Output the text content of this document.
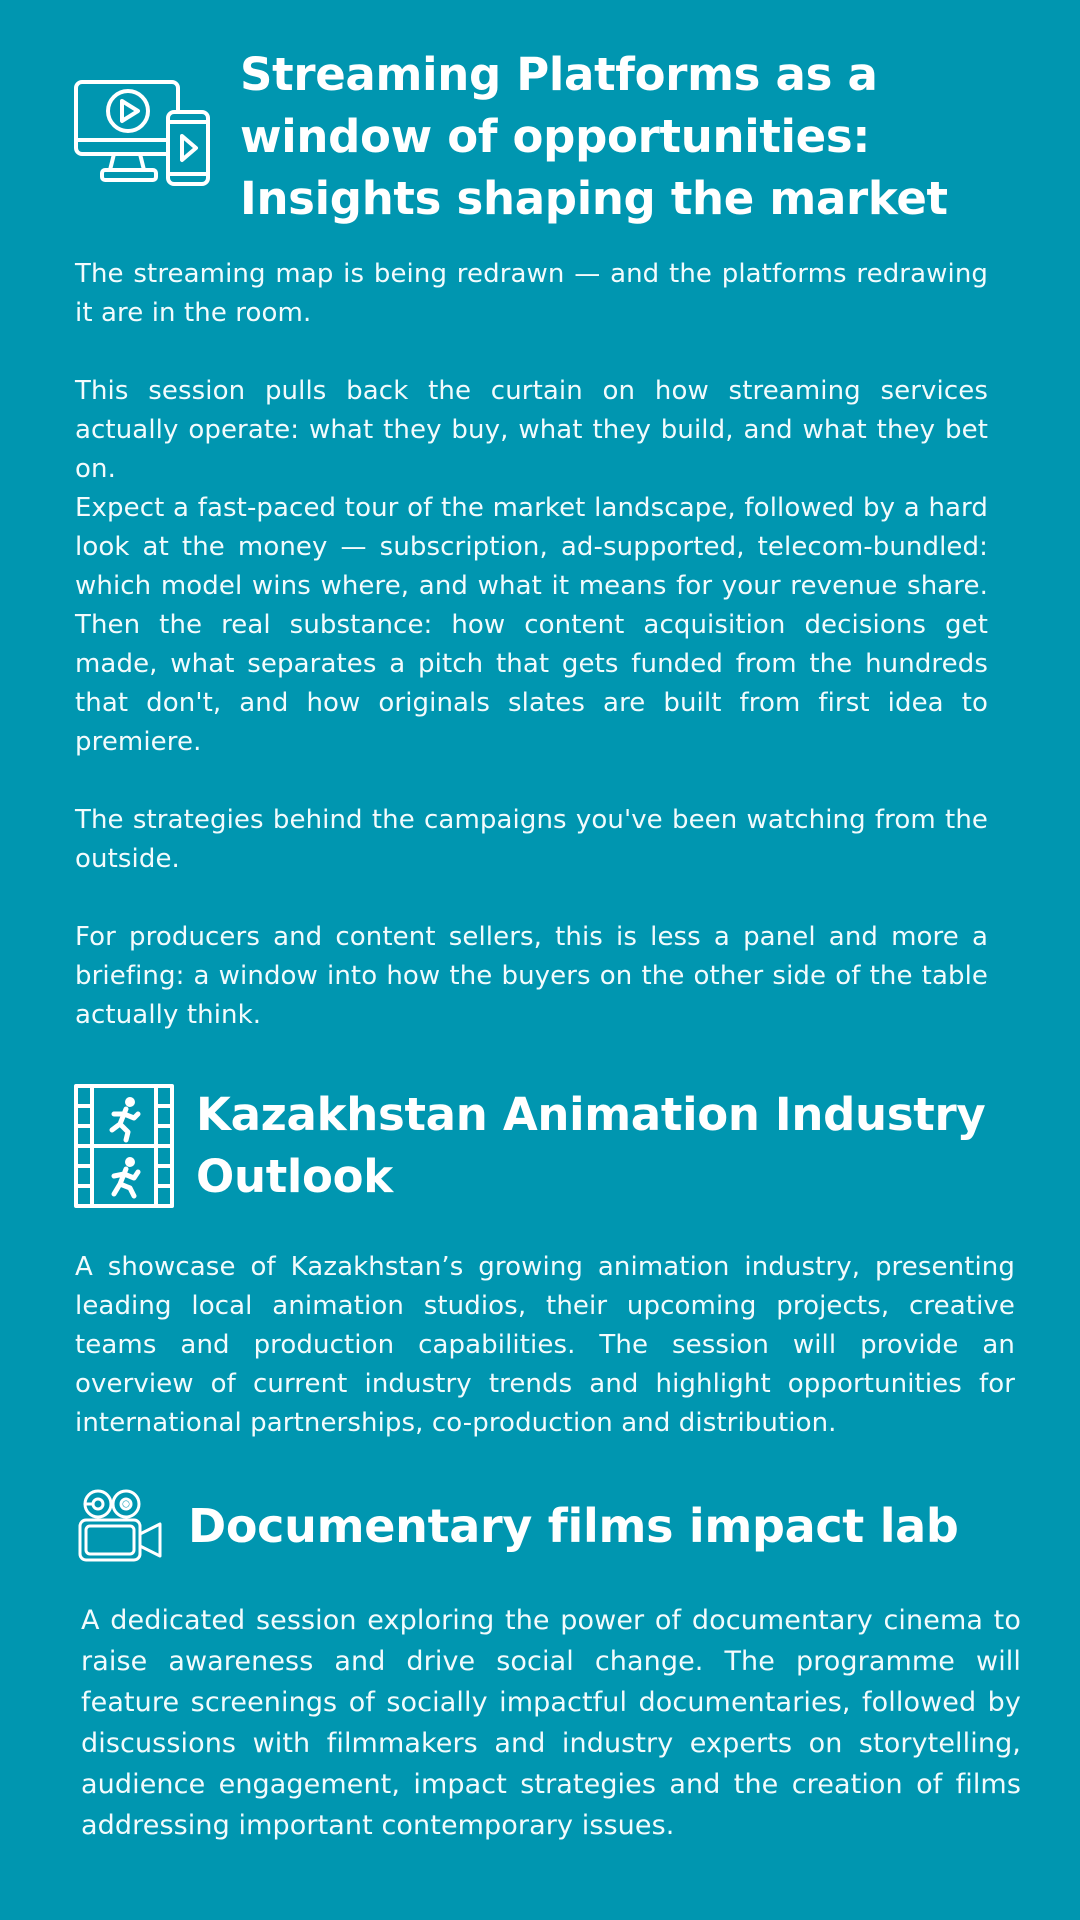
Streaming Platforms as a
window of opportunities:
Insights shaping the market

The streaming map is being redrawn — and the platforms redrawing it are in the room.

This session pulls back the curtain on how streaming services actually operate: what they buy, what they build, and what they bet on.

Expect a fast-paced tour of the market landscape, followed by a hard look at the money — subscription, ad-supported, telecom-bundled: which model wins where, and what it means for your revenue share. Then the real substance: how content acquisition decisions get made, what separates a pitch that gets funded from the hundreds that don't, and how originals slates are built from first idea to premiere.

The strategies behind the campaigns you've been watching from the outside.

For producers and content sellers, this is less a panel and more a briefing: a window into how the buyers on the other side of the table actually think.

Kazakhstan Animation Industry
Outlook

A showcase of Kazakhstan’s growing animation industry, presenting leading local animation studios, their upcoming projects, creative teams and production capabilities. The session will provide an overview of current industry trends and highlight opportunities for international partnerships, co-production and distribution.

Documentary films impact lab

A dedicated session exploring the power of documentary cinema to raise awareness and drive social change. The programme will feature screenings of socially impactful documentaries, followed by discussions with filmmakers and industry experts on storytelling, audience engagement, impact strategies and the creation of films addressing important contemporary issues.
